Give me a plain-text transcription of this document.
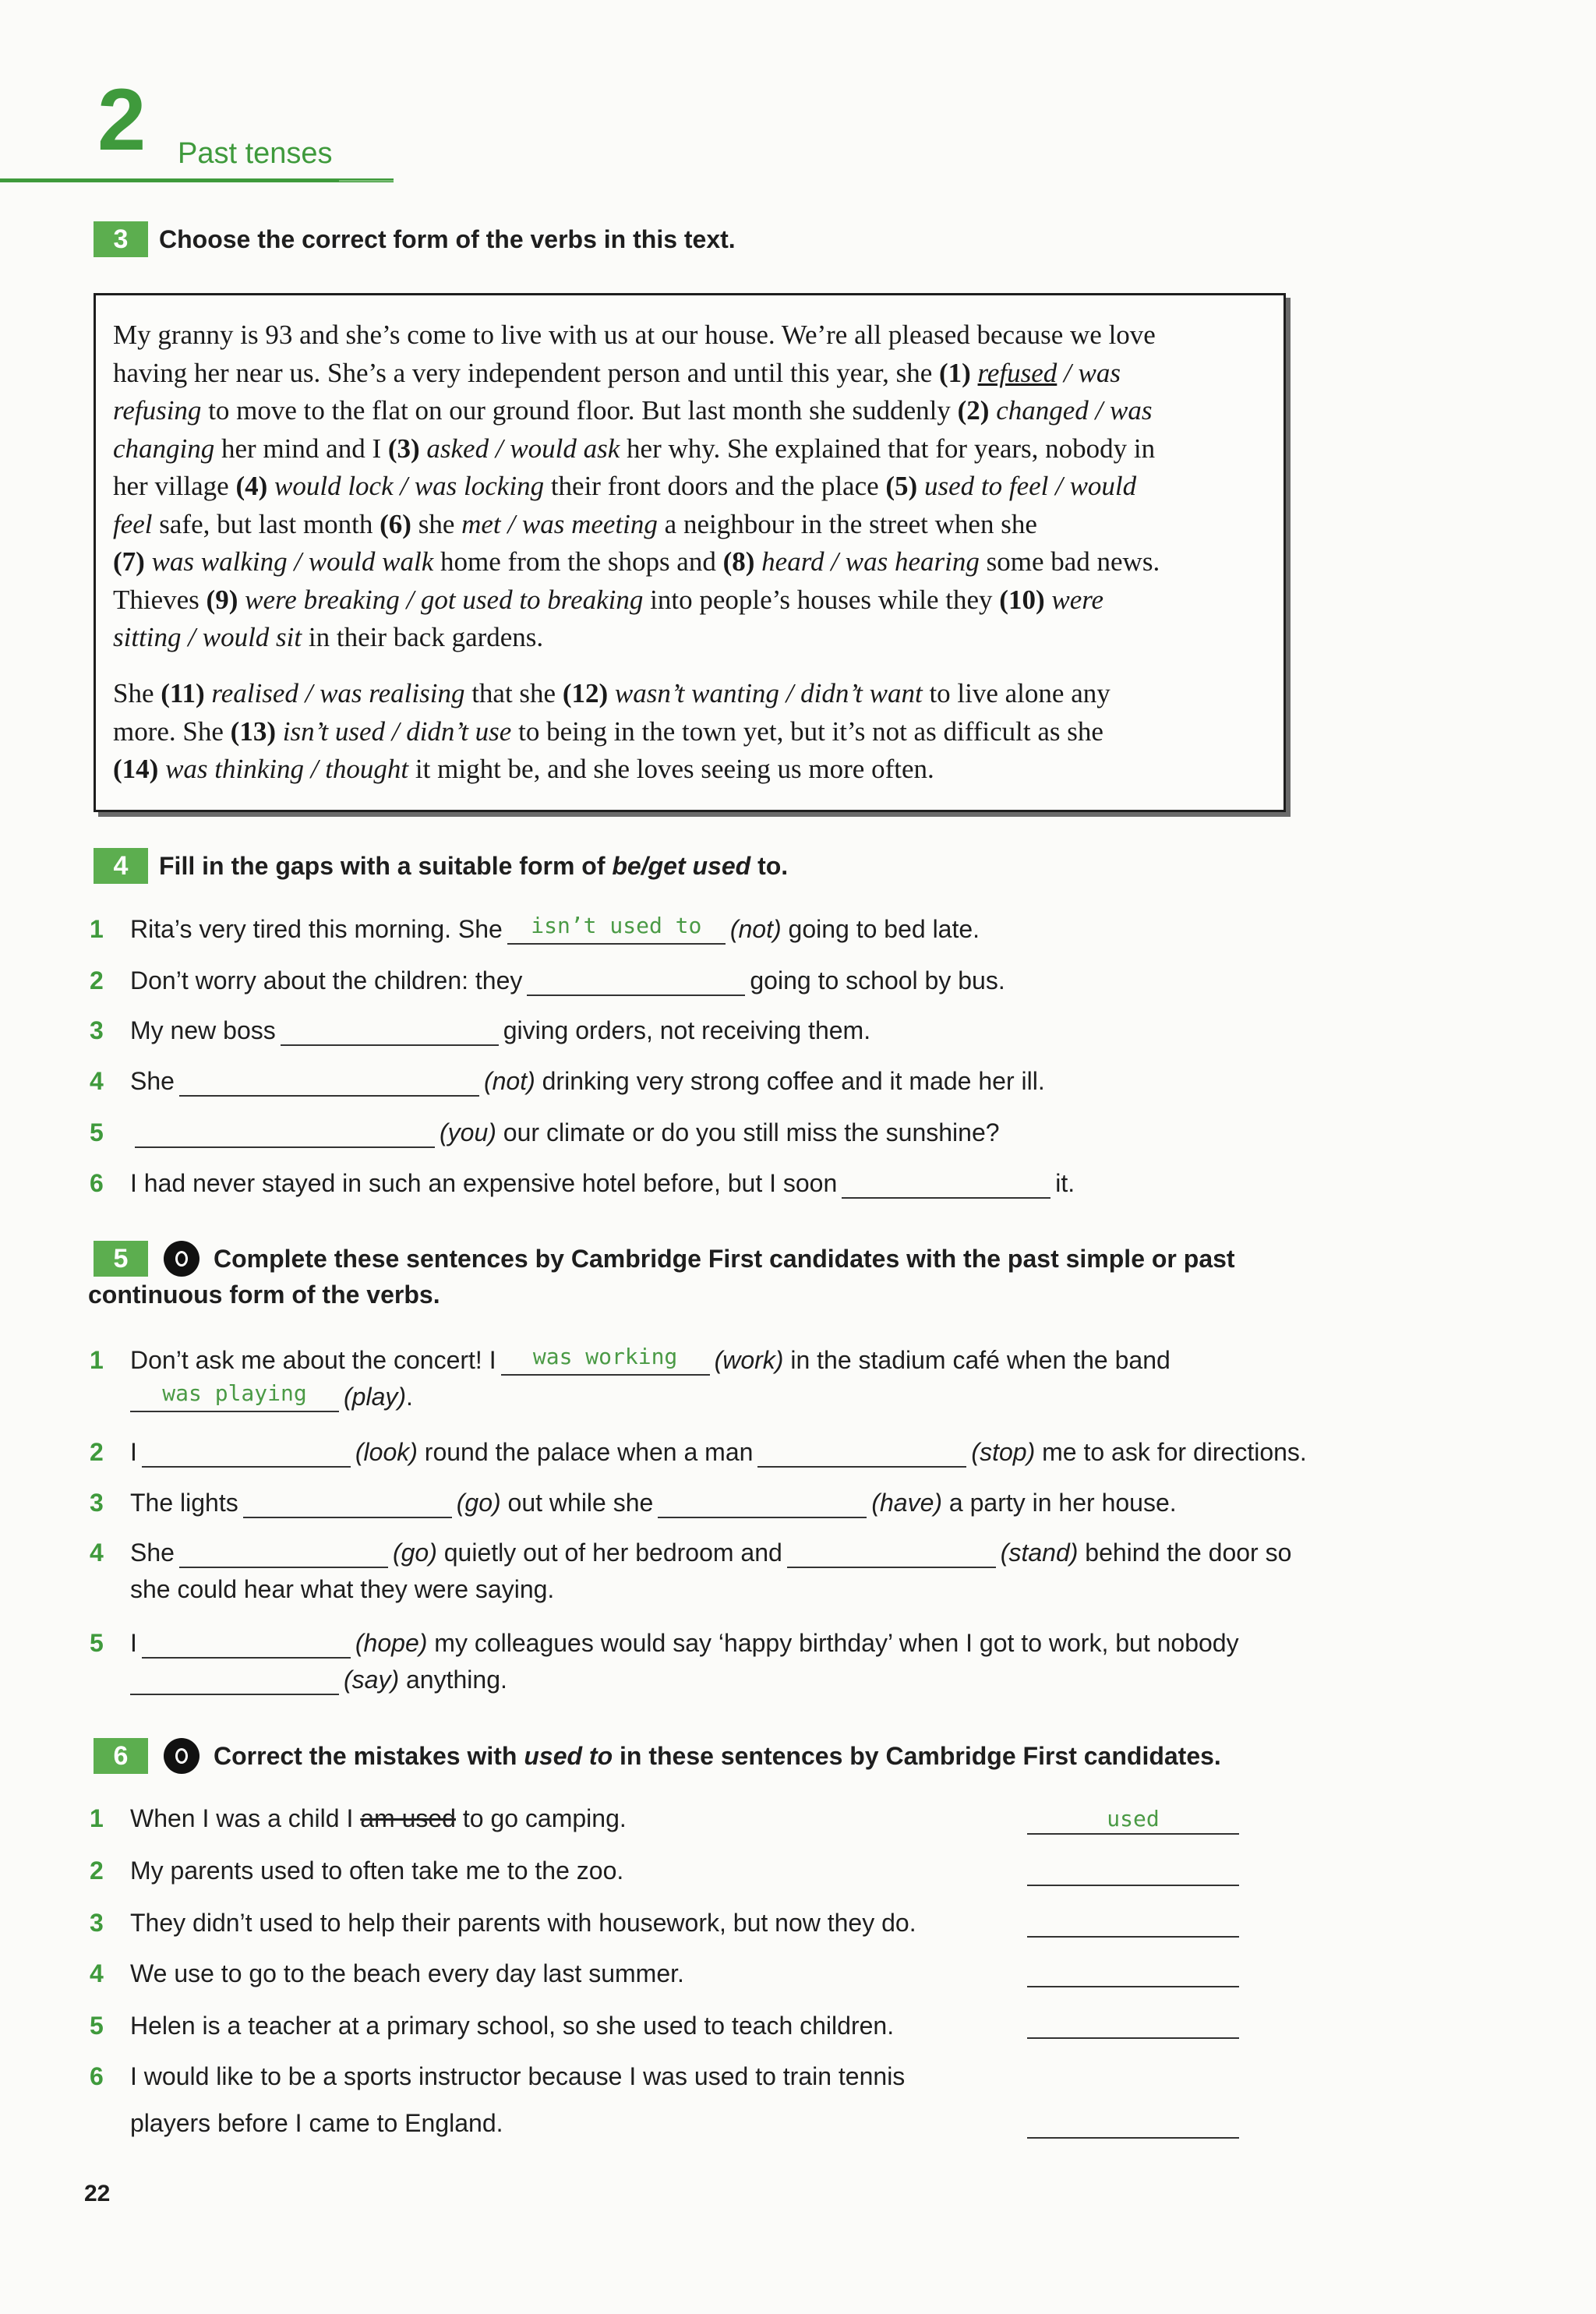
2 Past tenses
3	Choose the correct form of the verbs in this text.
My granny is 93 and she’s come to live with us at our house. We’re all pleased because we love
having her near us. She’s a very independent person and until this year, she (1) refused / was
refusing to move to the flat on our ground floor. But last month she suddenly (2) changed / was
changing her mind and I (3) asked / would ask her why. She explained that for years, nobody in
her village (4) would lock / was locking their front doors and the place (5) used to feel / would
feel safe, but last month (6) she met / was meeting a neighbour in the street when she
(7) was walking / would walk home from the shops and (8) heard / was hearing some bad news.
Thieves (9) were breaking / got used to breaking into people’s houses while they (10) were
sitting / would sit in their back gardens.
She (11) realised / was realising that she (12) wasn’t wanting / didn’t want to live alone any
more. She (13) isn’t used / didn’t use to being in the town yet, but it’s not as difficult as she
(14) was thinking / thought it might be, and she loves seeing us more often.
4	Fill in the gaps with a suitable form of be/get used to.
1 Rita’s very tired this morning. She	isn’t used to	(not) going to bed late.
2 Don’t worry about the children: they	going to school by bus.
3 My new boss	giving orders, not receiving them.
4 She	(not) drinking very strong coffee and it made her ill.
5	(you) our climate or do you still miss the sunshine?
6 I had never stayed in such an expensive hotel before, but I soon	it.
5	Complete these sentences by Cambridge First candidates with the past simple or past
continuous form of the verbs.
1 Don’t ask me about the concert! I	was working	(work) in the stadium café when the band
was playing	(play).
2 I	(look) round the palace when a man	(stop) me to ask for directions.
3 The lights	(go) out while she	(have) a party in her house.
4 She	(go) quietly out of her bedroom and	(stand) behind the door so
she could hear what they were saying.
5 I	(hope) my colleagues would say ‘happy birthday’ when I got to work, but nobody
(say) anything.
6	Correct the mistakes with used to in these sentences by Cambridge First candidates.
1 When I was a child I am used to go camping.	used
2 My parents used to often take me to the zoo.
3 They didn’t used to help their parents with housework, but now they do.
4 We use to go to the beach every day last summer.
5 Helen is a teacher at a primary school, so she used to teach children.
6 I would like to be a sports instructor because I was used to train tennis
players before I came to England.
22
